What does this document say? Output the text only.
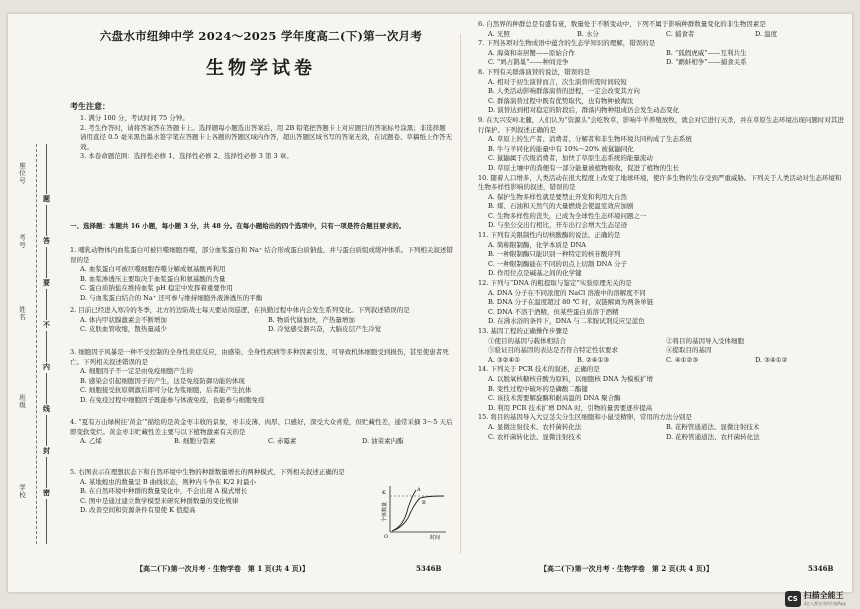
学校
班级
姓名
考号
座位号
题
答
要
不
内
线
封
密
六盘水市纽绅中学 2024～2025 学年度高二(下)第一次月考
生物学试卷
考生注意：
1. 满分 100 分，考试时间 75 分钟。
2. 考生作答时，请将答案答在答题卡上。选择题每小题选出答案后，用 2B 铅笔把答题卡上对应题目的答案标号涂黑；非选择题请用直径 0.5 毫米黑色墨水签字笔在答题卡上各题的答题区域内作答，超出答题区域书写的答案无效，在试题卷、草稿纸上作答无效。
3. 本卷命题范围：选择性必修 1、选择性必修 2、选择性必修 3 第 3 章。
一、选择题：本题共 16 小题，每小题 3 分，共 48 分。在每小题给出的四个选项中，只有一项是符合题目要求的。
1. 哺乳动物体内血浆蛋白可被巨噬细胞吞噬，部分血浆蛋白和 Na⁺ 结合形成蛋白质钠盐，并与蛋白质组成缓冲体系。下列相关叙述错误的是
A. 血浆蛋白可被巨噬细胞吞噬分解成氨基酸再利用
B. 血浆渗透压主要取决于血浆蛋白和氨基酸的含量
C. 蛋白质钠盐在维持血浆 pH 稳定中发挥着重要作用
D. 与血浆蛋白结合的 Na⁺ 还可参与维持细胞外液渗透压的平衡
2. 目前已经进入寒冷的冬季，北方的边防战士每天要站岗巡逻，在执勤过程中体内会发生系列变化。下列叙述错误的是
A. 体内甲状腺激素会不断增加	B. 物质代谢加快，产热量增加
C. 皮肤血管收缩，散热量减少	D. 冷觉感受器兴奋，大脑皮层产生冷觉
3. 细胞因子风暴是一种不受控制的全身性炎症反应，由感染、全身性疾病等多种因素引发，可导致机体细胞受到损伤，甚至使患者死亡。下列相关叙述错误的是
A. 细胞因子不一定是由免疫细胞产生的
B. 感染会引起细胞因子的产生，这是免疫防御功能的体现
C. 细胞接受抗原刺激后即可分化为浆细胞，后者能产生抗体
D. 在免疫过程中细胞因子既能参与体液免疫，也能参与细胞免疫
4. “夏有万山绿树挂‘黄金’”描绘的是黄金枣丰收的景象，枣丰皮薄、肉厚、口感好，深受大众喜爱，但贮藏性差，通常采摘 3～5 天后即变软变烂。黄金枣丰贮藏性差主要与以下植物激素有关的是
A. 乙烯	B. 细胞分裂素	C. 赤霉素	D. 油菜素内酯
5. 右图表示在理想状态下和自然环境中生物的种群数量增长的两种模式，下列相关叙述正确的是
A. 某地蝗虫的数量呈 B 曲线状态，则种内斗争在 K/2 时最小
B. 在自然环境中种群的数量变化中，不会出现 A 模式增长
C. 图中是通过建立数学模型来研究种群数量的变化规律
D. 改善空间和资源条件有望使 K 值提高
K
O
A
B
时间
个体数量
【高二(下)第一次月考 · 生物学卷　第 1 页(共 4 页)】	5346B
6. 自然界的种群总是有盛有衰，数量处于不断变动中，下列不属于影响种群数量变化的非生物因素是
A. 光照	B. 水分	C. 捕食者	D. 温度
7. 下列各项对生物成语中蕴含的生态学知识的理解，错误的是
A. 海葵和寄居蟹——原始合作	B. “狐假虎威”——互利共生
C. “鸠占鹊巢”——种间竞争	D. “鹬蚌相争”——捕食关系
8. 下列有关群落演替的说法，错误的是
A. 相对于初生演替而言，次生演替所需时间较短
B. 人类活动影响群落演替的进程，一定会改变其方向
C. 群落演替过程中既有优势取代，也有物种被淘汰
D. 演替达到相对稳定的阶段后，群落内物种组成仍会发生动态变化
9. 在大兴安岭北麓，人们认为“资源头”会吃牧草，影响牛羊养殖放牧，就会对它进行灭杀，并在草原生态环境出现问题时对其进行保护。下列叙述正确的是
A. 草原上的生产者、消费者、分解者和非生物环境共同构成了生态系统
B. 牛与羊同化的能量中有 10%～20% 被鼠鼬同化
C. 鼠鼬属于次级消费者，加快了草原生态系统的能量流动
D. 草原土壤中的粪便有一部分能量被植物吸收，促进了植物的生长
10. 随着人口增多，人类活动在很大程度上改变了地球环境，使许多生物的生存受到严重威胁。下列关于人类活动对生态环境和生物多样性影响的叙述，错误的是
A. 保护生物多样性就是要禁止开发和利用大自然
B. 煤、石油和天然气的大量燃烧会使温室效应加剧
C. 生物多样性的丧失，已成为全球性生态环境问题之一
D. 与坐公交出行相比，开车出行会增大生态足迹
11. 下列有关限制性内切核酸酶的说法，正确的是
A. 简称限制酶，化学本质是 DNA
B. 一种限制酶只能识别一种特定的核苷酸序列
C. 一种限制酶能在不同的切点上切割 DNA 分子
D. 作用位点是碱基之间的化学键
12. 下列与“DNA 的粗提取与鉴定”实验原理无关的是
A. DNA 分子在不同浓度的 NaCl 溶液中的溶解度不同
B. DNA 分子在温度超过 80 ℃ 时，双链解离为两条单链
C. DNA 不溶于酒精，但某些蛋白质溶于酒精
D. 在沸水浴的条件下，DNA 与二苯胺试剂反应呈蓝色
13. 基因工程的正确操作步骤是
①使目的基因与载体相结合	②将目的基因导入受体细胞
③验证目的基因的表达是否符合特定性状要求	④提取目的基因
A. ③②④①	B. ②④①③	C. ④①②③	D. ③④①②
14. 下列关于 PCR 技术的叙述，正确的是
A. 以脱氧核糖核苷酸为原料，以细胞核 DNA 为模板扩增
B. 变性过程中破坏的是磷酸二酯键
C. 该技术需要解旋酶和耐高温的 DNA 聚合酶
D. 利用 PCR 技术扩增 DNA 时，引物的量需要逐步提高
15. 将目的基因导入大豆茎尖分生区细胞和小鼠受精卵，常用的方法分别是
A. 显微注射技术、农杆菌转化法	B. 花粉管通道法、显微注射技术
C. 农杆菌转化法、显微注射技术	D. 花粉管通道法、农杆菌转化法
【高二(下)第一次月考 · 生物学卷　第 2 页(共 4 页)】	5346B
CS 扫描全能王
3亿人都在用的扫描App
